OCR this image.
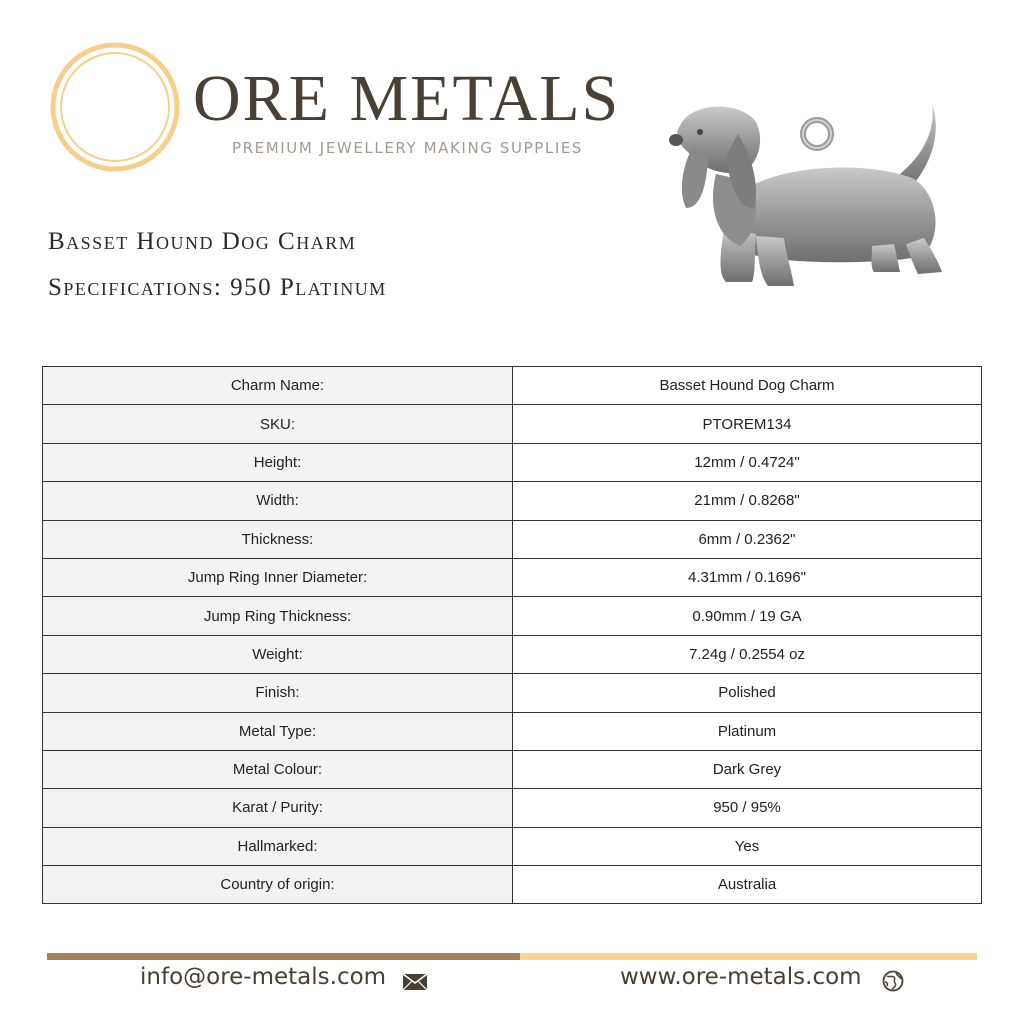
ORE METALS
PREMIUM JEWELLERY MAKING SUPPLIES
Basset Hound Dog Charm
Specifications: 950 Platinum
Charm Name:	Basset Hound Dog Charm
SKU:	PTOREM134
Height:	12mm / 0.4724"
Width:	21mm / 0.8268"
Thickness:	6mm / 0.2362"
Jump Ring Inner Diameter:	4.31mm / 0.1696"
Jump Ring Thickness:	0.90mm / 19 GA
Weight:	7.24g / 0.2554 oz
Finish:	Polished
Metal Type:	Platinum
Metal Colour:	Dark Grey
Karat / Purity:	950 / 95%
Hallmarked:	Yes
Country of origin:	Australia
info@ore-metals.com	www.ore-metals.com
